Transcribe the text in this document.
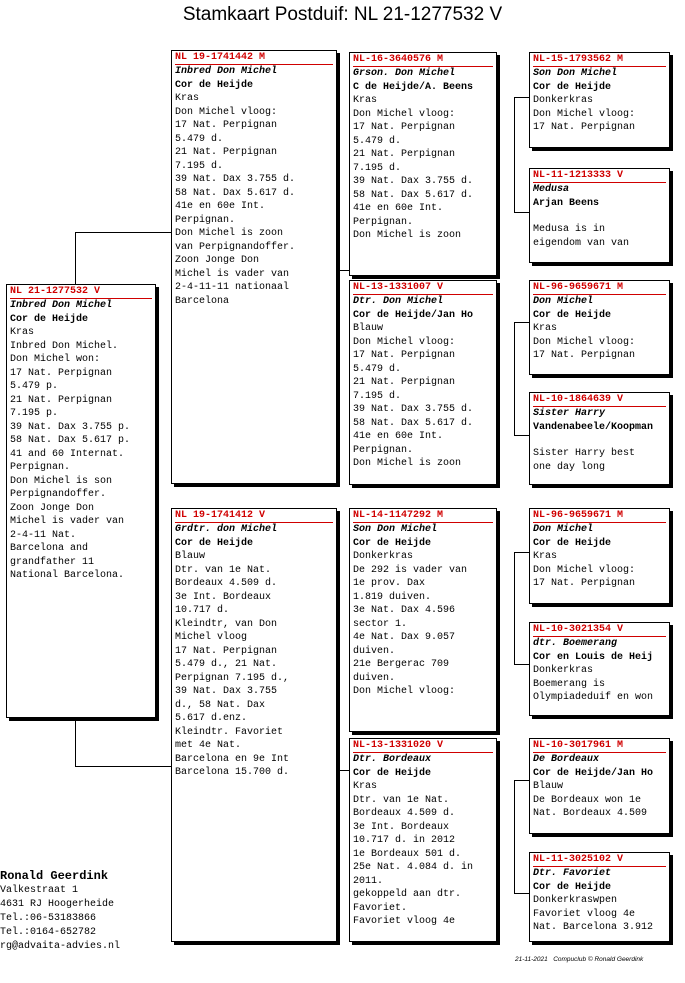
Stamkaart Postduif: NL 21-1277532 V
NL 21-1277532 V
Inbred Don Michel
Cor de Heijde
Kras
Inbred Don Michel.
Don Michel won:
17 Nat. Perpignan
5.479 p.
21 Nat. Perpignan
7.195 p.
39 Nat. Dax 3.755 p.
58 Nat. Dax 5.617 p.
41 and 60 Internat.
Perpignan.
Don Michel is son
Perpignandoffer.
Zoon Jonge Don
Michel is vader van
2-4-11 Nat.
Barcelona and
grandfather 11
National Barcelona.
NL 19-1741442 M
Inbred Don Michel
Cor de Heijde
Kras
Don Michel vloog:
17 Nat. Perpignan
5.479 d.
21 Nat. Perpignan
7.195 d.
39 Nat. Dax 3.755 d.
58 Nat. Dax 5.617 d.
41e en 60e Int.
Perpignan.
Don Michel is zoon
van Perpignandoffer.
Zoon Jonge Don
Michel is vader van
2-4-11-11 nationaal
Barcelona
NL 19-1741412 V
Grdtr. don Michel
Cor de Heijde
Blauw
Dtr. van 1e Nat.
Bordeaux 4.509 d.
3e Int. Bordeaux
10.717 d.
Kleindtr, van Don
Michel vloog
17 Nat. Perpignan
5.479 d., 21 Nat.
Perpignan 7.195 d.,
39 Nat. Dax 3.755
d., 58 Nat. Dax
5.617 d.enz.
Kleindtr. Favoriet
met 4e Nat.
Barcelona en 9e Int
Barcelona 15.700 d.
NL-16-3640576 M
Grson. Don Michel
C de Heijde/A. Beens
Kras
Don Michel vloog:
17 Nat. Perpignan
5.479 d.
21 Nat. Perpignan
7.195 d.
39 Nat. Dax 3.755 d.
58 Nat. Dax 5.617 d.
41e en 60e Int.
Perpignan.
Don Michel is zoon
NL-13-1331007 V
Dtr. Don Michel
Cor de Heijde/Jan Ho
Blauw
Don Michel vloog:
17 Nat. Perpignan
5.479 d.
21 Nat. Perpignan
7.195 d.
39 Nat. Dax 3.755 d.
58 Nat. Dax 5.617 d.
41e en 60e Int.
Perpignan.
Don Michel is zoon
NL-14-1147292 M
Son Don Michel
Cor de Heijde
Donkerkras
De 292 is vader van
1e prov. Dax
1.819 duiven.
3e Nat. Dax 4.596
sector 1.
4e Nat. Dax 9.057
duiven.
21e Bergerac 709
duiven.
Don Michel vloog:
NL-13-1331020 V
Dtr. Bordeaux
Cor de Heijde
Kras
Dtr. van 1e Nat.
Bordeaux 4.509 d.
3e Int. Bordeaux
10.717 d. in 2012
1e Bordeaux 501 d.
25e Nat. 4.084 d. in
2011.
gekoppeld aan dtr.
Favoriet.
Favoriet vloog 4e
NL-15-1793562 M
Son Don Michel
Cor de Heijde
Donkerkras
Don Michel vloog:
17 Nat. Perpignan
NL-11-1213333 V
Medusa
Arjan Beens
Medusa is in
eigendom van van
NL-96-9659671 M
Don Michel
Cor de Heijde
Kras
Don Michel vloog:
17 Nat. Perpignan
NL-10-1864639 V
Sister Harry
Vandenabeele/Koopman
Sister Harry best
one day long
NL-96-9659671 M
Don Michel
Cor de Heijde
Kras
Don Michel vloog:
17 Nat. Perpignan
NL-10-3021354 V
dtr. Boemerang
Cor en Louis de Heij
Donkerkras
Boemerang is
Olympiadeduif en won
NL-10-3017961 M
De Bordeaux
Cor de Heijde/Jan Ho
Blauw
De Bordeaux won 1e
Nat. Bordeaux 4.509
NL-11-3025102 V
Dtr. Favoriet
Cor de Heijde
Donkerkraswpen
Favoriet vloog 4e
Nat. Barcelona 3.912
Ronald Geerdink
Valkestraat 1
4631 RJ Hoogerheide
Tel.:06-53183866
Tel.:0164-652782
rg@advaita-advies.nl
21-11-2021 Compuclub © Ronald Geerdink
